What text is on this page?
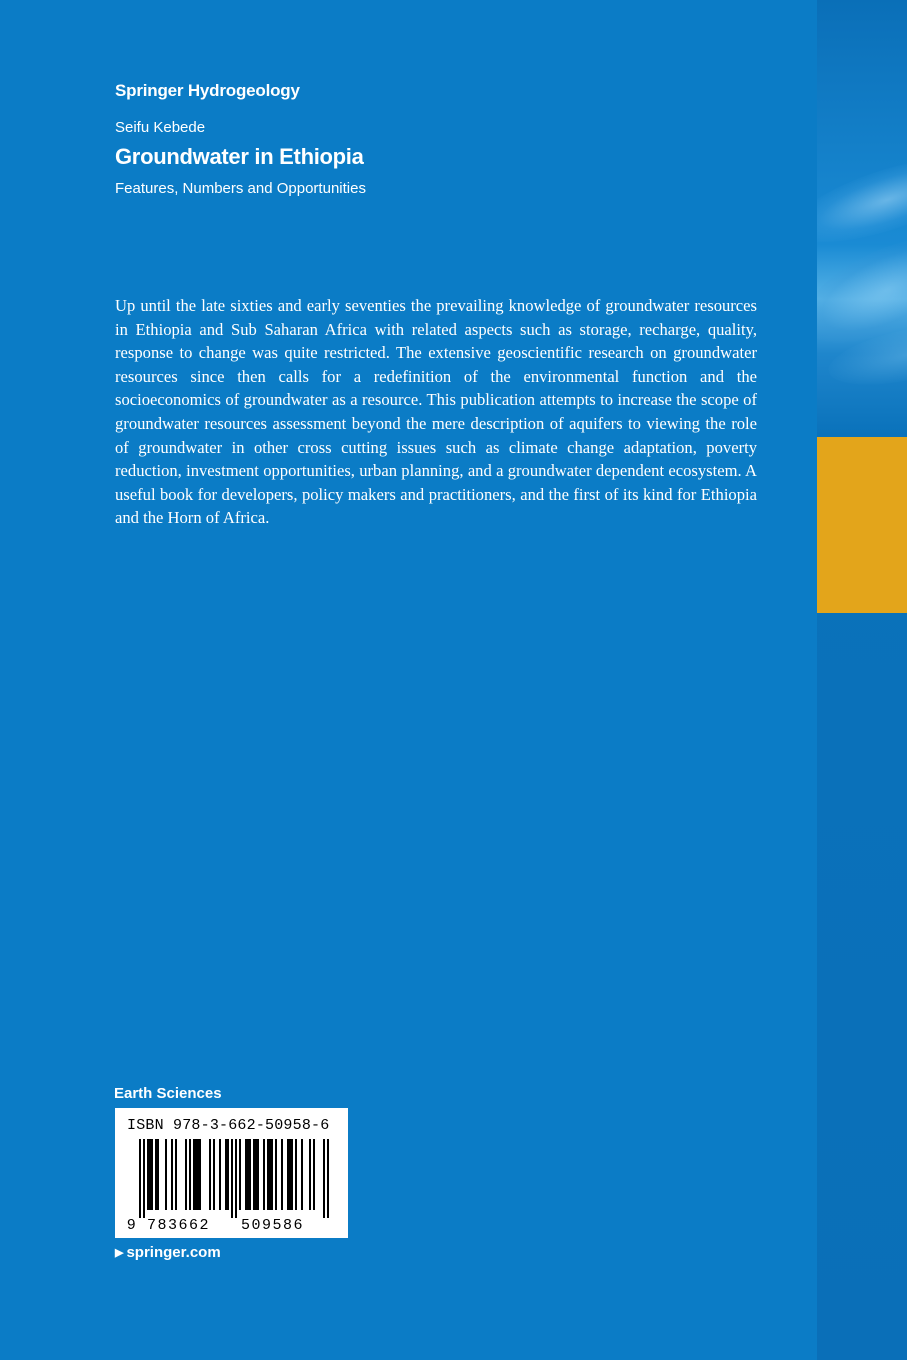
Springer Hydrogeology
Seifu Kebede
Groundwater in Ethiopia
Features, Numbers and Opportunities
Up until the late sixties and early seventies the prevailing knowledge of groundwater resources in Ethiopia and Sub Saharan Africa with related aspects such as storage, recharge, quality, response to change was quite restricted. The extensive geoscientific research on groundwater resources since then calls for a redefinition of the environmental function and the socioeconomics of groundwater as a resource. This publication attempts to increase the scope of groundwater resources assessment beyond the mere description of aquifers to viewing the role of groundwater in other cross cutting issues such as climate change adaptation, poverty reduction, investment opportunities, urban planning, and a groundwater dependent ecosystem. A useful book for developers, policy makers and practitioners, and the first of its kind for Ethiopia and the Horn of Africa.
Earth Sciences
9 783662 509586
ISBN 978-3-662-50958-6
▶ springer.com
